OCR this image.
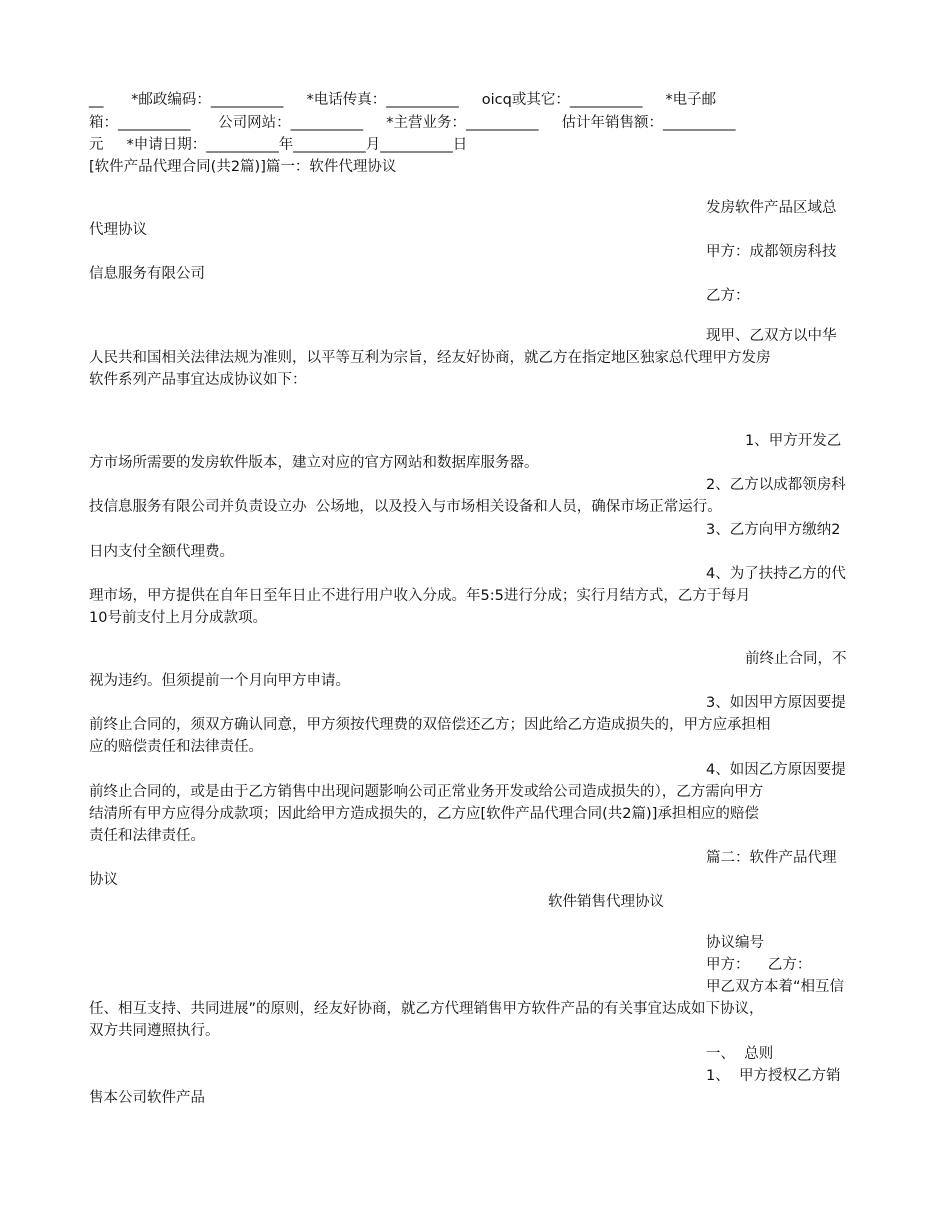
__      *邮政编码：__________     *电话传真：__________     oicq或其它：__________     *电子邮
箱：__________      公司网站：__________     *主营业务：__________     估计年销售额：__________
元     *申请日期：__________年__________月__________日
[软件产品代理合同(共2篇)]篇一：软件代理协议
发房软件产品区域总
代理协议
甲方：成都领房科技
信息服务有限公司
乙方：
现甲、乙双方以中华
人民共和国相关法律法规为准则，以平等互利为宗旨，经友好协商，就乙方在指定地区独家总代理甲方发房
软件系列产品事宜达成协议如下：
1、甲方开发乙
方市场所需要的发房软件版本，建立对应的官方网站和数据库服务器。
2、乙方以成都领房科
技信息服务有限公司并负责设立办  公场地，以及投入与市场相关设备和人员，确保市场正常运行。
3、乙方向甲方缴纳2
日内支付全额代理费。
4、为了扶持乙方的代
理市场，甲方提供在自年日至年日止不进行用户收入分成。年5:5进行分成；实行月结方式，乙方于每月
10号前支付上月分成款项。
前终止合同，不
视为违约。但须提前一个月向甲方申请。
3、如因甲方原因要提
前终止合同的，须双方确认同意，甲方须按代理费的双倍偿还乙方；因此给乙方造成损失的，甲方应承担相
应的赔偿责任和法律责任。
4、如因乙方原因要提
前终止合同的，或是由于乙方销售中出现问题影响公司正常业务开发或给公司造成损失的），乙方需向甲方
结清所有甲方应得分成款项；因此给甲方造成损失的，乙方应[软件产品代理合同(共2篇)]承担相应的赔偿
责任和法律责任。
篇二：软件产品代理
协议
软件销售代理协议
协议编号
甲方：    乙方：
甲乙双方本着“相互信
任、相互支持、共同进展”的原则，经友好协商，就乙方代理销售甲方软件产品的有关事宜达成如下协议，
双方共同遵照执行。
一、  总则
1、  甲方授权乙方销
售本公司软件产品
